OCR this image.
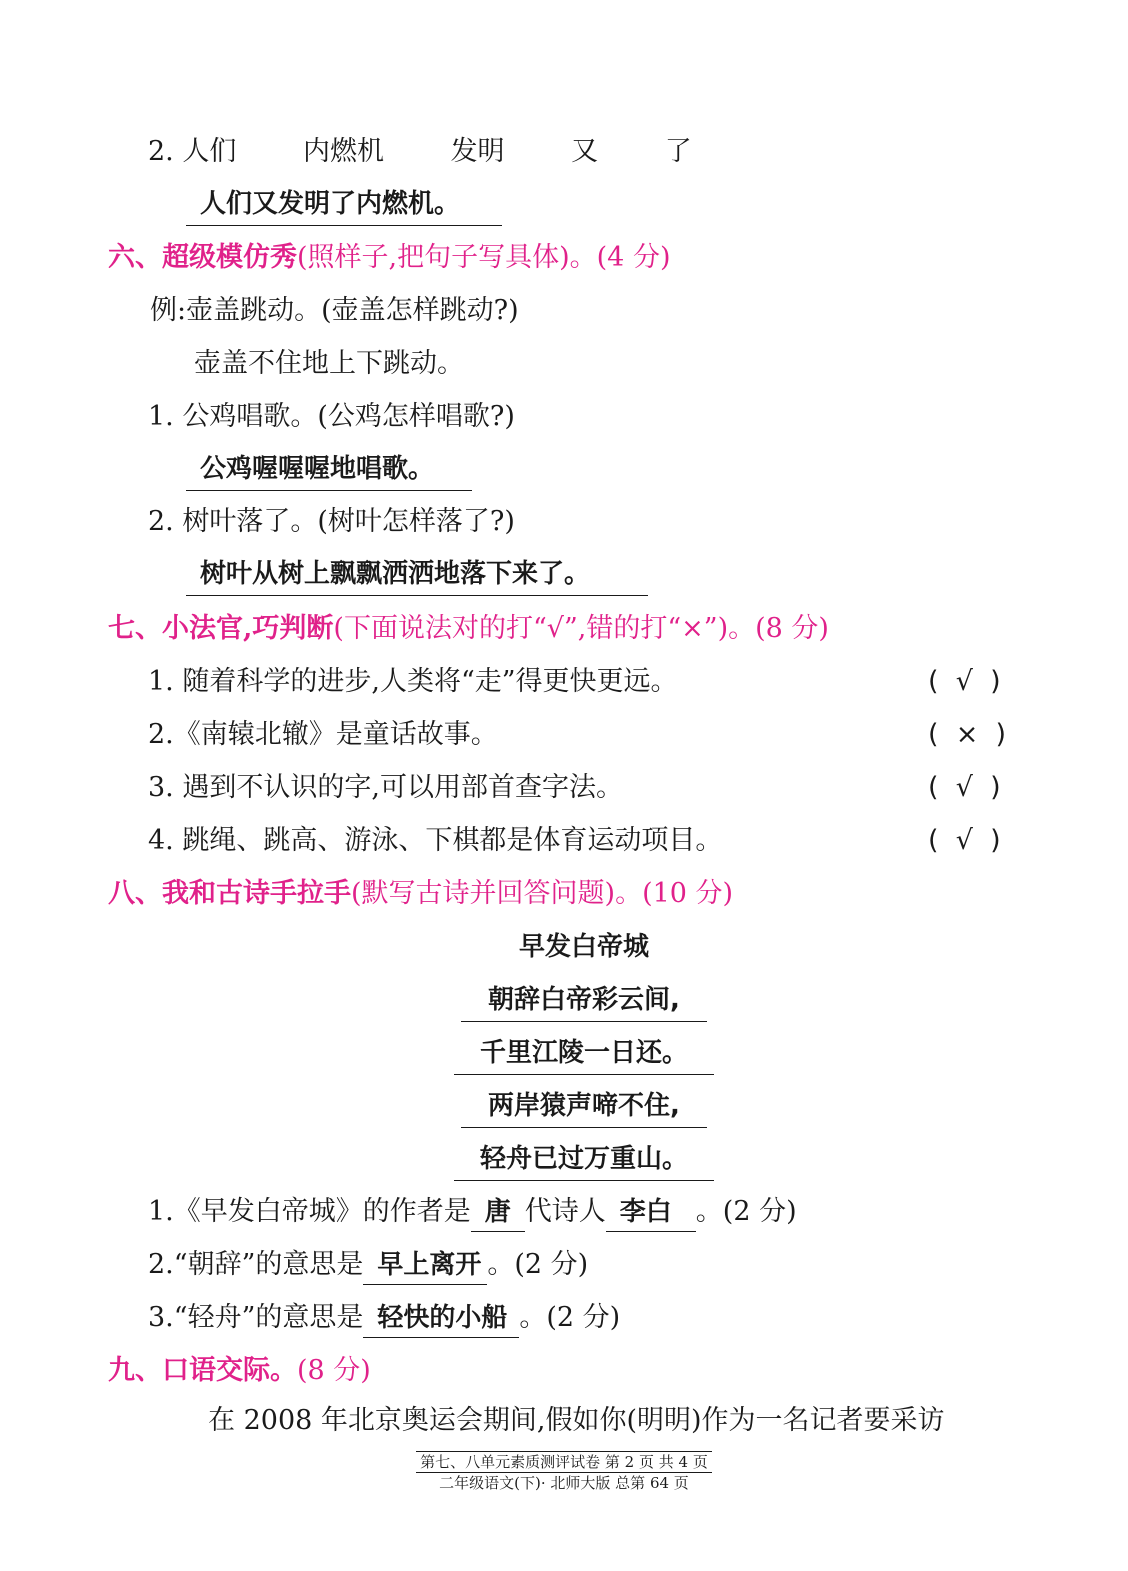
2. 人们 内燃机 发明 又 了
人们又发明了内燃机。
六、超级模仿秀(照样子,把句子写具体)。(4 分)
例:壶盖跳动。(壶盖怎样跳动?)
壶盖不住地上下跳动。
1. 公鸡唱歌。(公鸡怎样唱歌?)
公鸡喔喔喔地唱歌。
2. 树叶落了。(树叶怎样落了?)
树叶从树上飘飘洒洒地落下来了。
七、小法官,巧判断(下面说法对的打“√”,错的打“×”)。(8 分)
1. 随着科学的进步,人类将“走”得更快更远。	( √ )
2.《南辕北辙》是童话故事。	( × )
3. 遇到不认识的字,可以用部首查字法。	( √ )
4. 跳绳、跳高、游泳、下棋都是体育运动项目。	( √ )
八、我和古诗手拉手(默写古诗并回答问题)。(10 分)
早发白帝城
朝辞白帝彩云间,
千里江陵一日还。
两岸猿声啼不住,
轻舟已过万重山。
1.《早发白帝城》的作者是 唐 代诗人 李白 。(2 分)
2.“朝辞”的意思是 早上离开 。(2 分)
3.“轻舟”的意思是 轻快的小船 。(2 分)
九、口语交际。(8 分)
在 2008 年北京奥运会期间,假如你(明明)作为一名记者要采访
第七、八单元素质测评试卷 第 2 页 共 4 页
二年级语文(下)· 北师大版 总第 64 页
